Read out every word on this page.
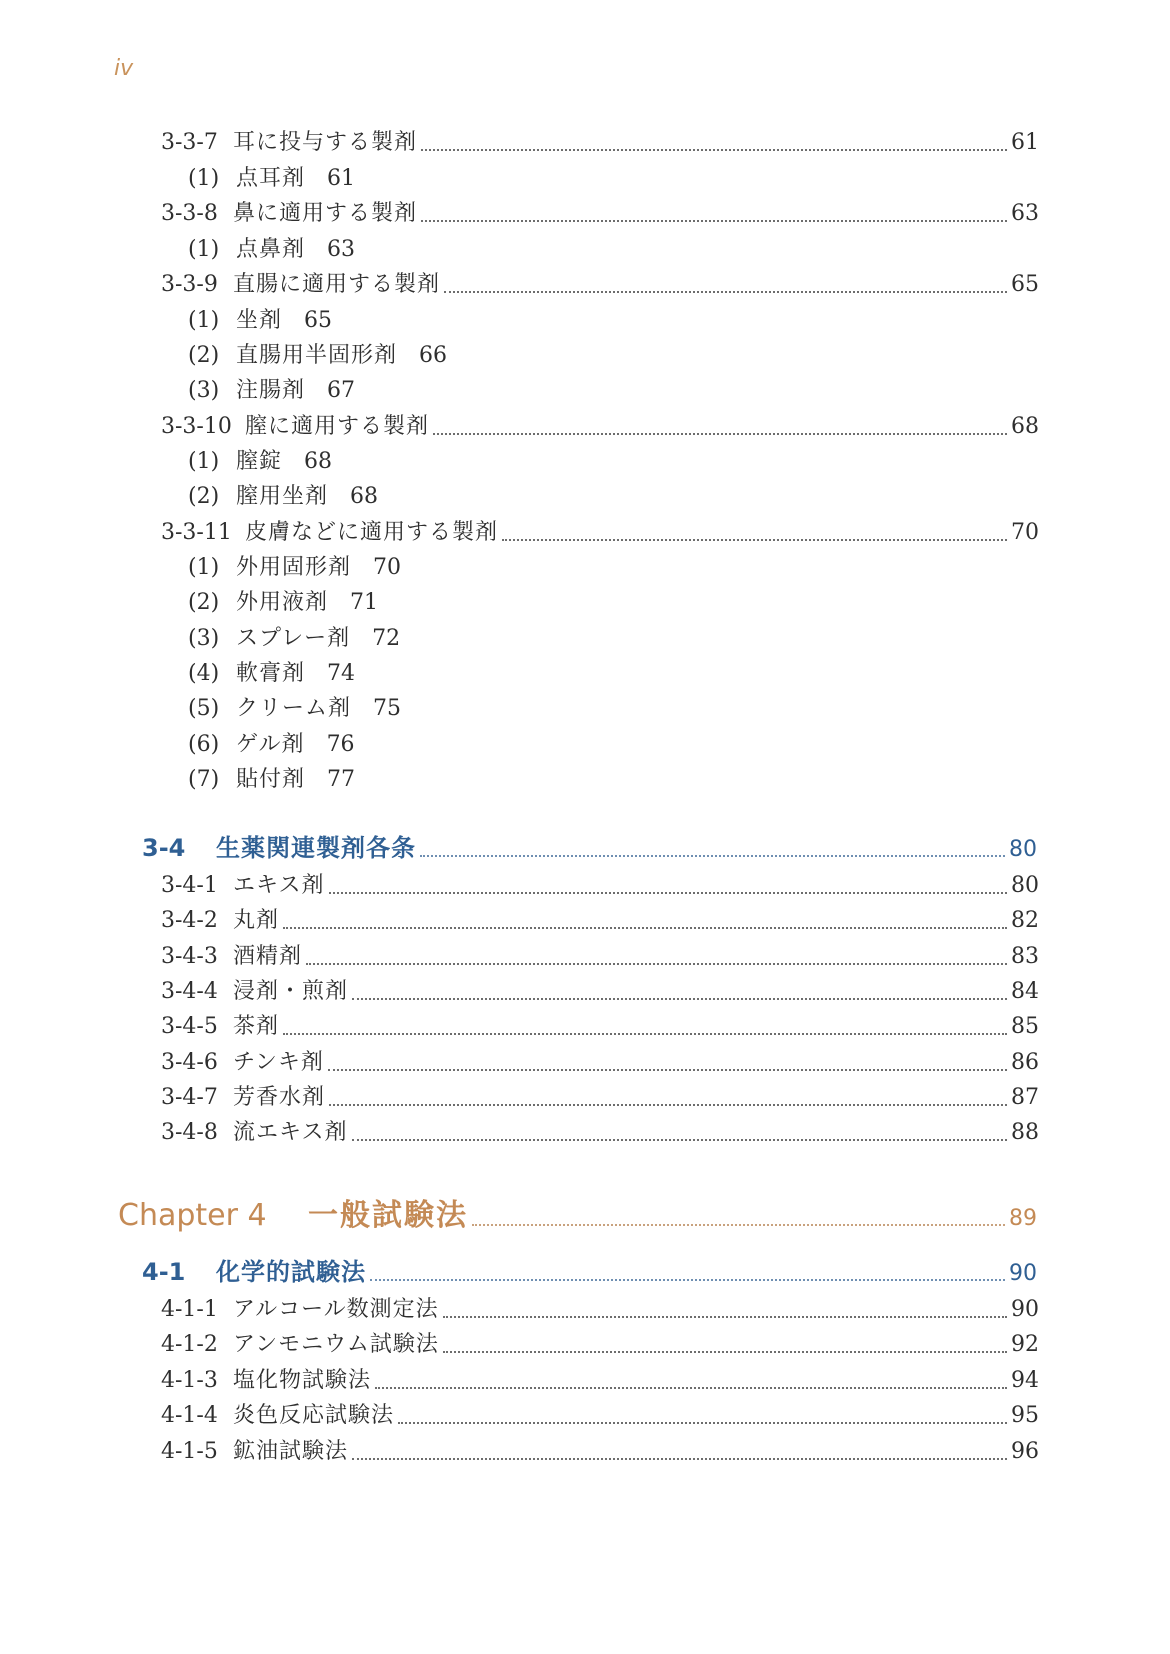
iv
3-3-7 耳に投与する製剤	61
(1) 点耳剤 61
3-3-8 鼻に適用する製剤	63
(1) 点鼻剤 63
3-3-9 直腸に適用する製剤	65
(1) 坐剤 65
(2) 直腸用半固形剤 66
(3) 注腸剤 67
3-3-10 膣に適用する製剤	68
(1) 膣錠 68
(2) 膣用坐剤 68
3-3-11 皮膚などに適用する製剤	70
(1) 外用固形剤 70
(2) 外用液剤 71
(3) スプレー剤 72
(4) 軟膏剤 74
(5) クリーム剤 75
(6) ゲル剤 76
(7) 貼付剤 77
3-4	生薬関連製剤各条	80
3-4-1 エキス剤	80
3-4-2 丸剤	82
3-4-3 酒精剤	83
3-4-4 浸剤・煎剤	84
3-4-5 茶剤	85
3-4-6 チンキ剤	86
3-4-7 芳香水剤	87
3-4-8 流エキス剤	88
Chapter 4	一般試験法	89
4-1	化学的試験法	90
4-1-1 アルコール数測定法	90
4-1-2 アンモニウム試験法	92
4-1-3 塩化物試験法	94
4-1-4 炎色反応試験法	95
4-1-5 鉱油試験法	96
